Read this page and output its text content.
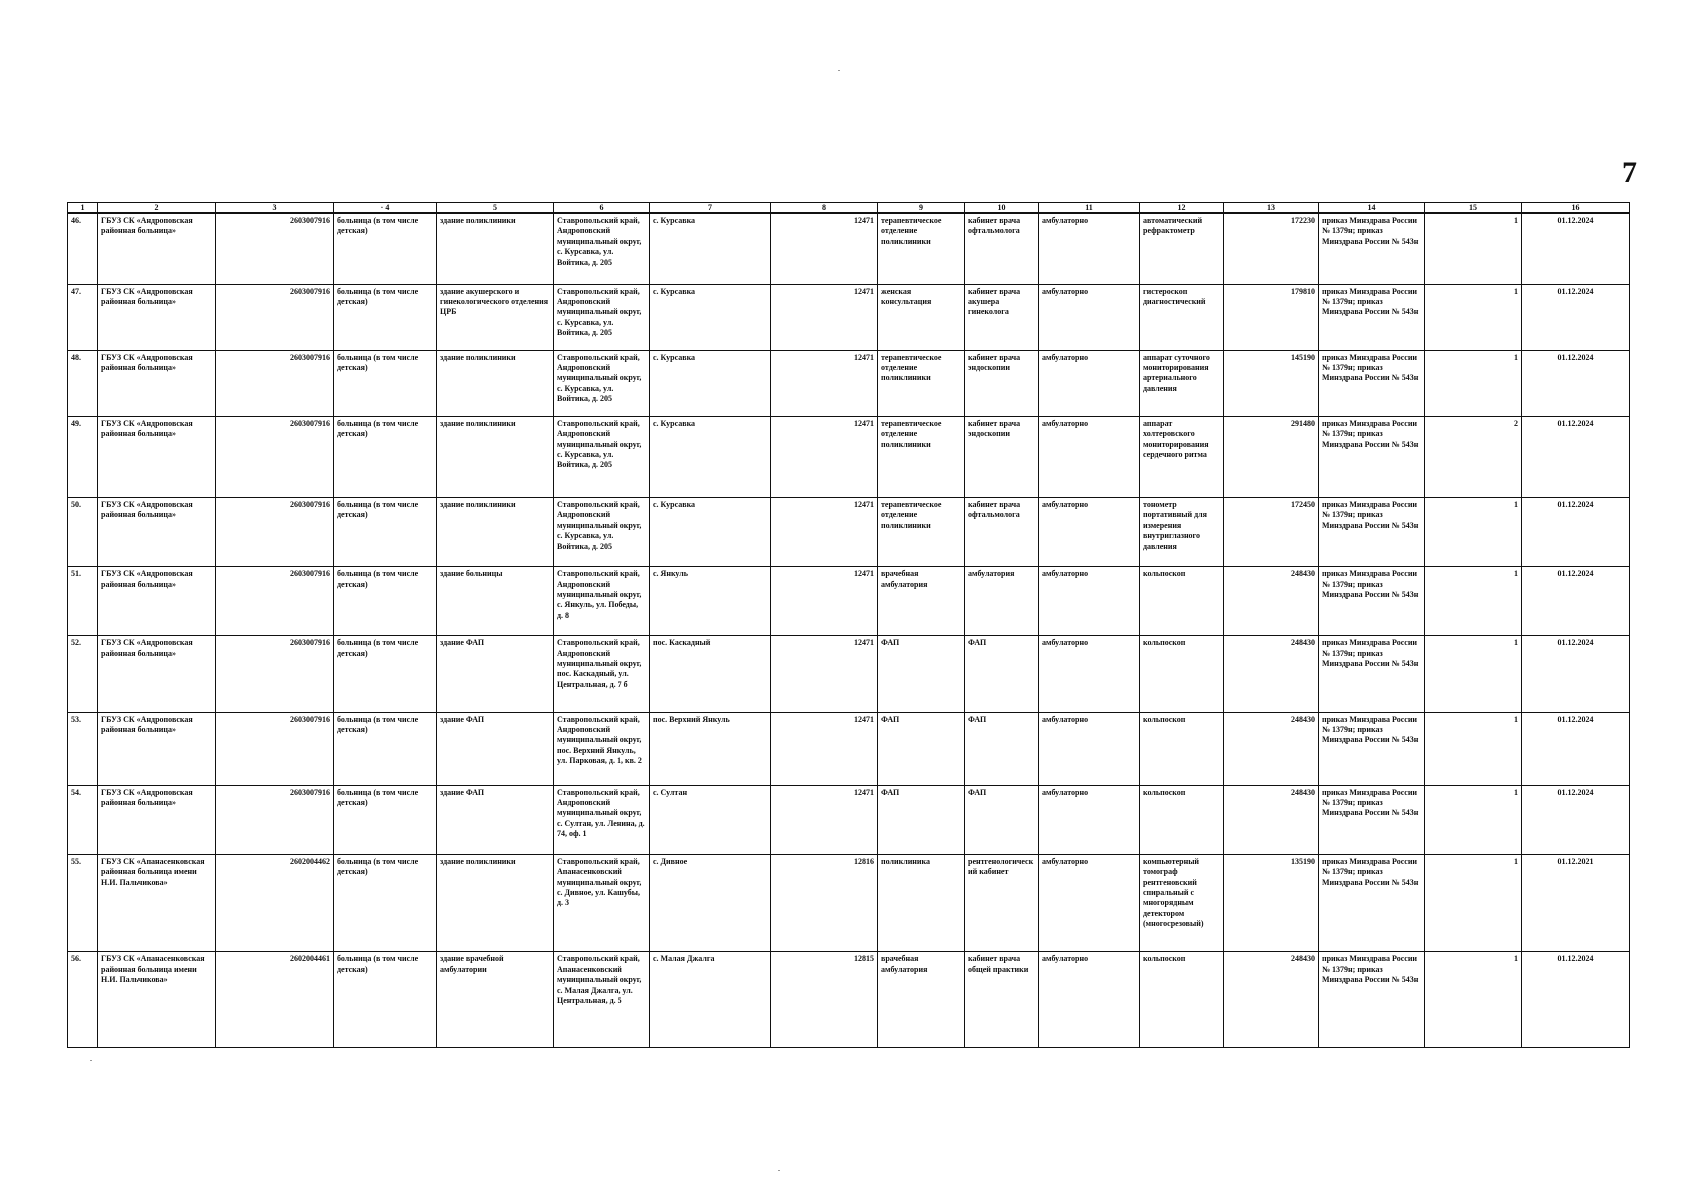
7
1	2	3	· 4	5	6	7	8	9	10	11	12	13	14	15	16
46.	ГБУЗ СК «Андроповская районная больница»	2603007916	больница (в том числе детская)	здание поликлиники	Ставропольский край, Андроповский муниципальный округ, с. Курсавка, ул. Войтика, д. 205	с. Курсавка	12471	терапевтическое отделение поликлиники	кабинет врача офтальмолога	амбулаторно	автоматический рефрактометр	172230	приказ Минздрава России № 1379н; приказ Минздрава России № 543н	1	01.12.2024
47.	ГБУЗ СК «Андроповская районная больница»	2603007916	больница (в том числе детская)	здание акушерского и гинекологического отделения ЦРБ	Ставропольский край, Андроповский муниципальный округ, с. Курсавка, ул. Войтика, д. 205	с. Курсавка	12471	женская консультация	кабинет врача акушера гинеколога	амбулаторно	гистероскоп диагностический	179810	приказ Минздрава России № 1379н; приказ Минздрава России № 543н	1	01.12.2024
48.	ГБУЗ СК «Андроповская районная больница»	2603007916	больница (в том числе детская)	здание поликлиники	Ставропольский край, Андроповский муниципальный округ, с. Курсавка, ул. Войтика, д. 205	с. Курсавка	12471	терапевтическое отделение поликлиники	кабинет врача эндоскопии	амбулаторно	аппарат суточного мониторирования артериального давления	145190	приказ Минздрава России № 1379н; приказ Минздрава России № 543н	1	01.12.2024
49.	ГБУЗ СК «Андроповская районная больница»	2603007916	больница (в том числе детская)	здание поликлиники	Ставропольский край, Андроповский муниципальный округ, с. Курсавка, ул. Войтика, д. 205	с. Курсавка	12471	терапевтическое отделение поликлиники	кабинет врача эндоскопии	амбулаторно	аппарат холтеровского мониторирования сердечного ритма	291480	приказ Минздрава России № 1379н; приказ Минздрава России № 543н	2	01.12.2024
50.	ГБУЗ СК «Андроповская районная больница»	2603007916	больница (в том числе детская)	здание поликлиники	Ставропольский край, Андроповский муниципальный округ, с. Курсавка, ул. Войтика, д. 205	с. Курсавка	12471	терапевтическое отделение поликлиники	кабинет врача офтальмолога	амбулаторно	тонометр портативный для измерения внутриглазного давления	172450	приказ Минздрава России № 1379н; приказ Минздрава России № 543н	1	01.12.2024
51.	ГБУЗ СК «Андроповская районная больница»	2603007916	больница (в том числе детская)	здание больницы	Ставропольский край, Андроповский муниципальный округ, с. Янкуль, ул. Победы, д. 8	с. Янкуль	12471	врачебная амбулатория	амбулатория	амбулаторно	кольпоскоп	248430	приказ Минздрава России № 1379н; приказ Минздрава России № 543н	1	01.12.2024
52.	ГБУЗ СК «Андроповская районная больница»	2603007916	больница (в том числе детская)	здание ФАП	Ставропольский край, Андроповский муниципальный округ, пос. Каскадный, ул. Центральная, д. 7 б	пос. Каскадный	12471	ФАП	ФАП	амбулаторно	кольпоскоп	248430	приказ Минздрава России № 1379н; приказ Минздрава России № 543н	1	01.12.2024
53.	ГБУЗ СК «Андроповская районная больница»	2603007916	больница (в том числе детская)	здание ФАП	Ставропольский край, Андроповский муниципальный округ, пос. Верхний Янкуль, ул. Парковая, д. 1, кв. 2	пос. Верхний Янкуль	12471	ФАП	ФАП	амбулаторно	кольпоскоп	248430	приказ Минздрава России № 1379н; приказ Минздрава России № 543н	1	01.12.2024
54.	ГБУЗ СК «Андроповская районная больница»	2603007916	больница (в том числе детская)	здание ФАП	Ставропольский край, Андроповский муниципальный округ, с. Султан, ул. Ленина, д. 74, оф. 1	с. Султан	12471	ФАП	ФАП	амбулаторно	кольпоскоп	248430	приказ Минздрава России № 1379н; приказ Минздрава России № 543н	1	01.12.2024
55.	ГБУЗ СК «Апанасенковская районная больница имени Н.И. Пальчикова»	2602004462	больница (в том числе детская)	здание поликлиники	Ставропольский край, Апанасенковский муниципальный округ, с. Дивное, ул. Кашубы, д. 3	с. Дивное	12816	поликлиника	рентгенологический кабинет	амбулаторно	компьютерный томограф рентгеновский спиральный с многорядным детектором (многосрезовый)	135190	приказ Минздрава России № 1379н; приказ Минздрава России № 543н	1	01.12.2021
56.	ГБУЗ СК «Апанасенковская районная больница имени Н.И. Пальчикова»	2602004461	больница (в том числе детская)	здание врачебной амбулатории	Ставропольский край, Апанасенковский муниципальный округ, с. Малая Джалга, ул. Центральная, д. 5	с. Малая Джалга	12815	врачебная амбулатория	кабинет врача общей практики	амбулаторно	кольпоскоп	248430	приказ Минздрава России № 1379н; приказ Минздрава России № 543н	1	01.12.2024
